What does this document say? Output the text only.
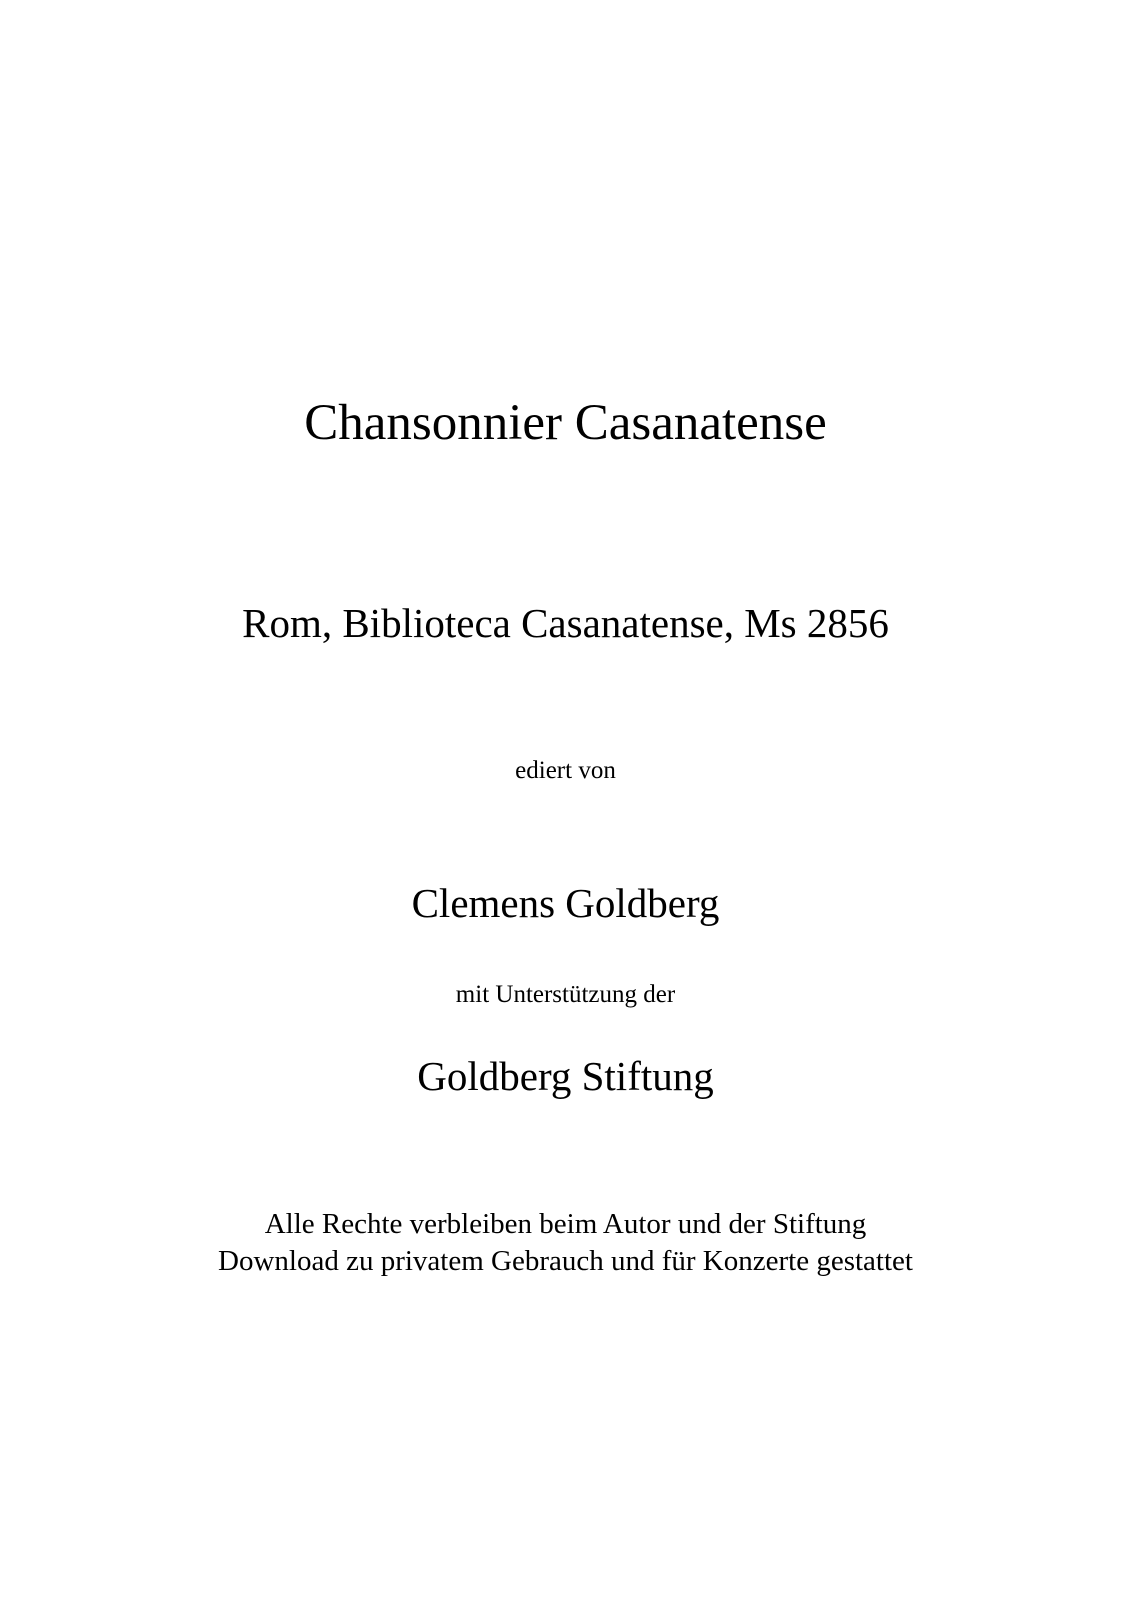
Chansonnier Casanatense
Rom, Biblioteca Casanatense, Ms 2856
ediert von
Clemens Goldberg
mit Unterstützung der
Goldberg Stiftung
Alle Rechte verbleiben beim Autor und der Stiftung
Download zu privatem Gebrauch und für Konzerte gestattet
